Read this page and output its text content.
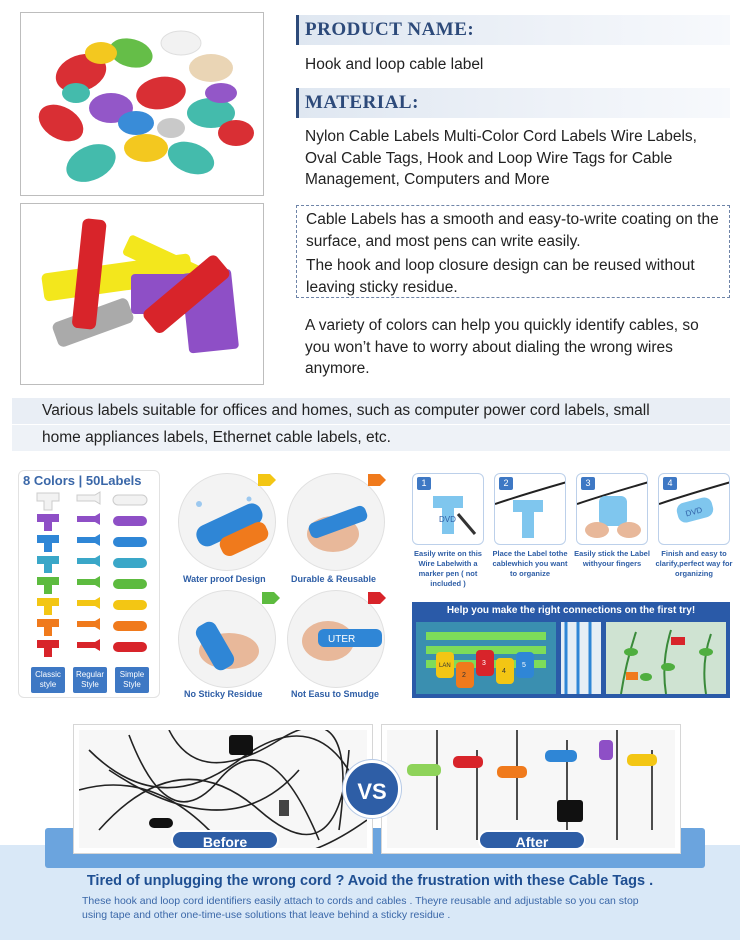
PRODUCT NAME:
Hook and loop cable label
MATERIAL:
Nylon Cable Labels Multi-Color Cord Labels Wire Labels, Oval Cable Tags, Hook and Loop Wire Tags for Cable Management, Computers and More
Cable Labels has a smooth and easy-to-write coating on the surface, and most pens can write easily.
The hook and loop closure design can be reused without leaving sticky residue.
A variety of colors can help you quickly identify cables, so you won’t have to worry about dialing the wrong wires anymore.
Various labels suitable for offices and homes, such as computer power cord labels, small
home appliances labels, Ethernet cable labels, etc.
8 Colors | 50Labels
Classic style
Regular Style
Simple Style
Water proof Design	Durable & Reusable
No Sticky Residue
UTER
Not Easu to Smudge
1
DVD
2	3	4
DVD
Easily write on this Wire Labelwith a marker pen ( not included )
Place the Label tothe cablewhich you want to organize
Easily stick the Label withyour fingers
Finish and easy to clarify,perfect way for organizing
Help you make the right connections on the first try!
LAN
2
3
4
5
VS
Before	After
Tired of unplugging the wrong cord ? Avoid the frustration with these Cable Tags .
These hook and loop cord identifiers easily attach to cords and cables . Theyre reusable and adjustable so you can stop using tape and other one-time-use solutions that leave behind a sticky residue .
